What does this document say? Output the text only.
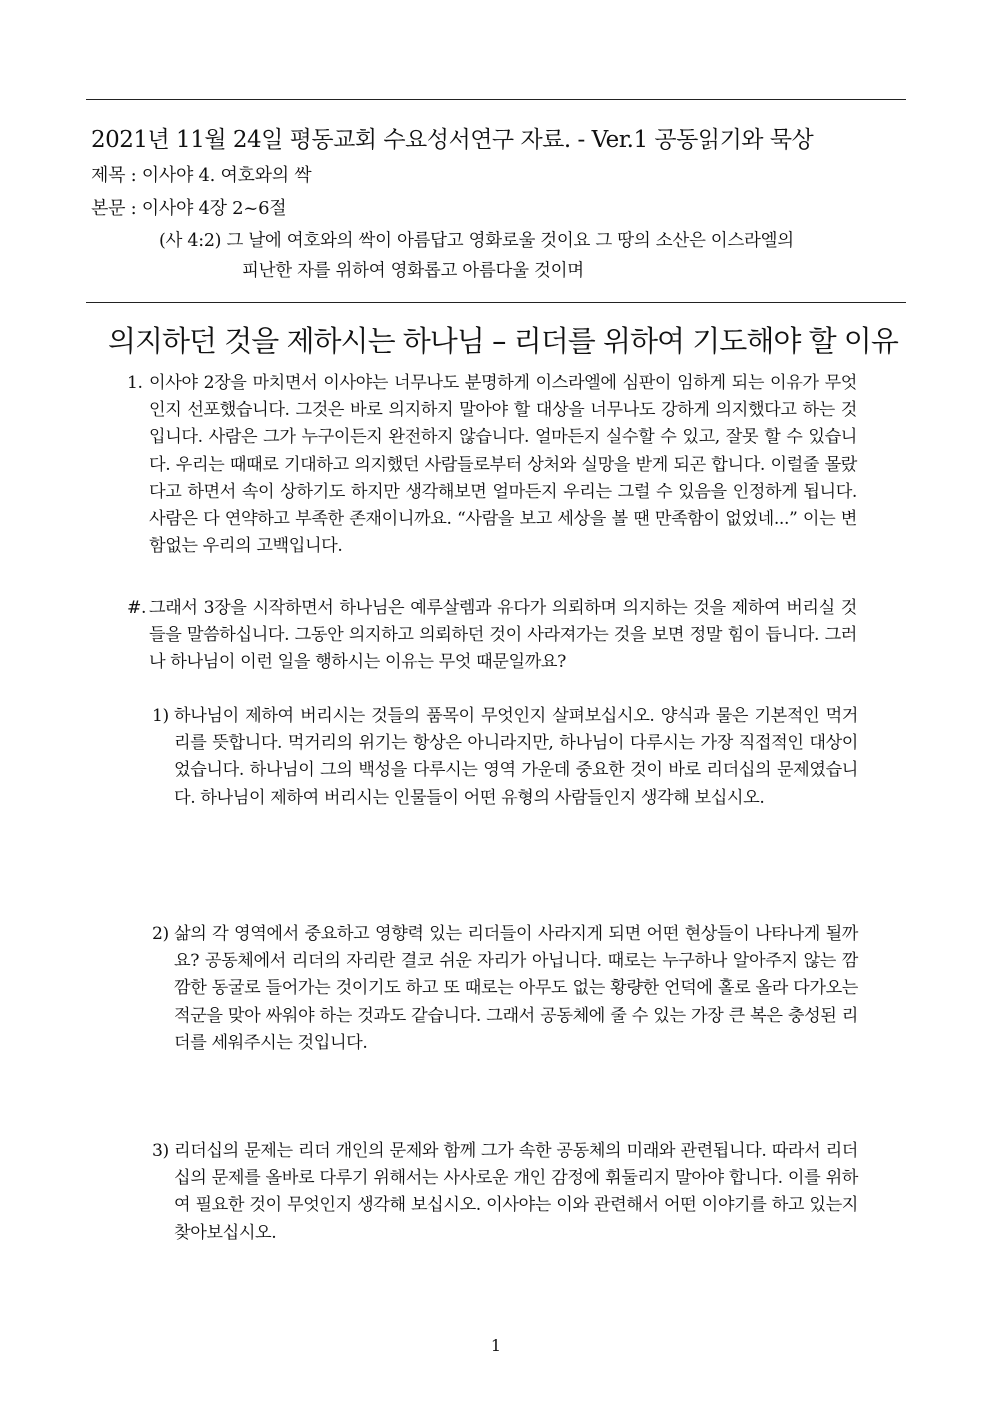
2021년 11월 24일 평동교회 수요성서연구 자료. - Ver.1 공동읽기와 묵상
제목 : 이사야 4. 여호와의 싹
본문 : 이사야 4장 2~6절
(사 4:2) 그 날에 여호와의 싹이 아름답고 영화로울 것이요 그 땅의 소산은 이스라엘의
피난한 자를 위하여 영화롭고 아름다울 것이며
의지하던 것을 제하시는 하나님 – 리더를 위하여 기도해야 할 이유
1. 이사야 2장을 마치면서 이사야는 너무나도 분명하게 이스라엘에 심판이 임하게 되는 이유가 무엇인지 선포했습니다. 그것은 바로 의지하지 말아야 할 대상을 너무나도 강하게 의지했다고 하는 것입니다. 사람은 그가 누구이든지 완전하지 않습니다. 얼마든지 실수할 수 있고, 잘못 할 수 있습니다. 우리는 때때로 기대하고 의지했던 사람들로부터 상처와 실망을 받게 되곤 합니다. 이럴줄 몰랐다고 하면서 속이 상하기도 하지만 생각해보면 얼마든지 우리는 그럴 수 있음을 인정하게 됩니다. 사람은 다 연약하고 부족한 존재이니까요. “사람을 보고 세상을 볼 땐 만족함이 없었네...” 이는 변함없는 우리의 고백입니다.
#. 그래서 3장을 시작하면서 하나님은 예루살렘과 유다가 의뢰하며 의지하는 것을 제하여 버리실 것들을 말씀하십니다. 그동안 의지하고 의뢰하던 것이 사라져가는 것을 보면 정말 힘이 듭니다. 그러나 하나님이 이런 일을 행하시는 이유는 무엇 때문일까요?
1) 하나님이 제하여 버리시는 것들의 품목이 무엇인지 살펴보십시오. 양식과 물은 기본적인 먹거리를 뜻합니다. 먹거리의 위기는 항상은 아니라지만, 하나님이 다루시는 가장 직접적인 대상이었습니다. 하나님이 그의 백성을 다루시는 영역 가운데 중요한 것이 바로 리더십의 문제였습니다. 하나님이 제하여 버리시는 인물들이 어떤 유형의 사람들인지 생각해 보십시오.
2) 삶의 각 영역에서 중요하고 영향력 있는 리더들이 사라지게 되면 어떤 현상들이 나타나게 될까요? 공동체에서 리더의 자리란 결코 쉬운 자리가 아닙니다. 때로는 누구하나 알아주지 않는 깜깜한 동굴로 들어가는 것이기도 하고 또 때로는 아무도 없는 황량한 언덕에 홀로 올라 다가오는 적군을 맞아 싸워야 하는 것과도 같습니다. 그래서 공동체에 줄 수 있는 가장 큰 복은 충성된 리더를 세워주시는 것입니다.
3) 리더십의 문제는 리더 개인의 문제와 함께 그가 속한 공동체의 미래와 관련됩니다. 따라서 리더십의 문제를 올바로 다루기 위해서는 사사로운 개인 감정에 휘둘리지 말아야 합니다. 이를 위하여 필요한 것이 무엇인지 생각해 보십시오. 이사야는 이와 관련해서 어떤 이야기를 하고 있는지 찾아보십시오.
1
